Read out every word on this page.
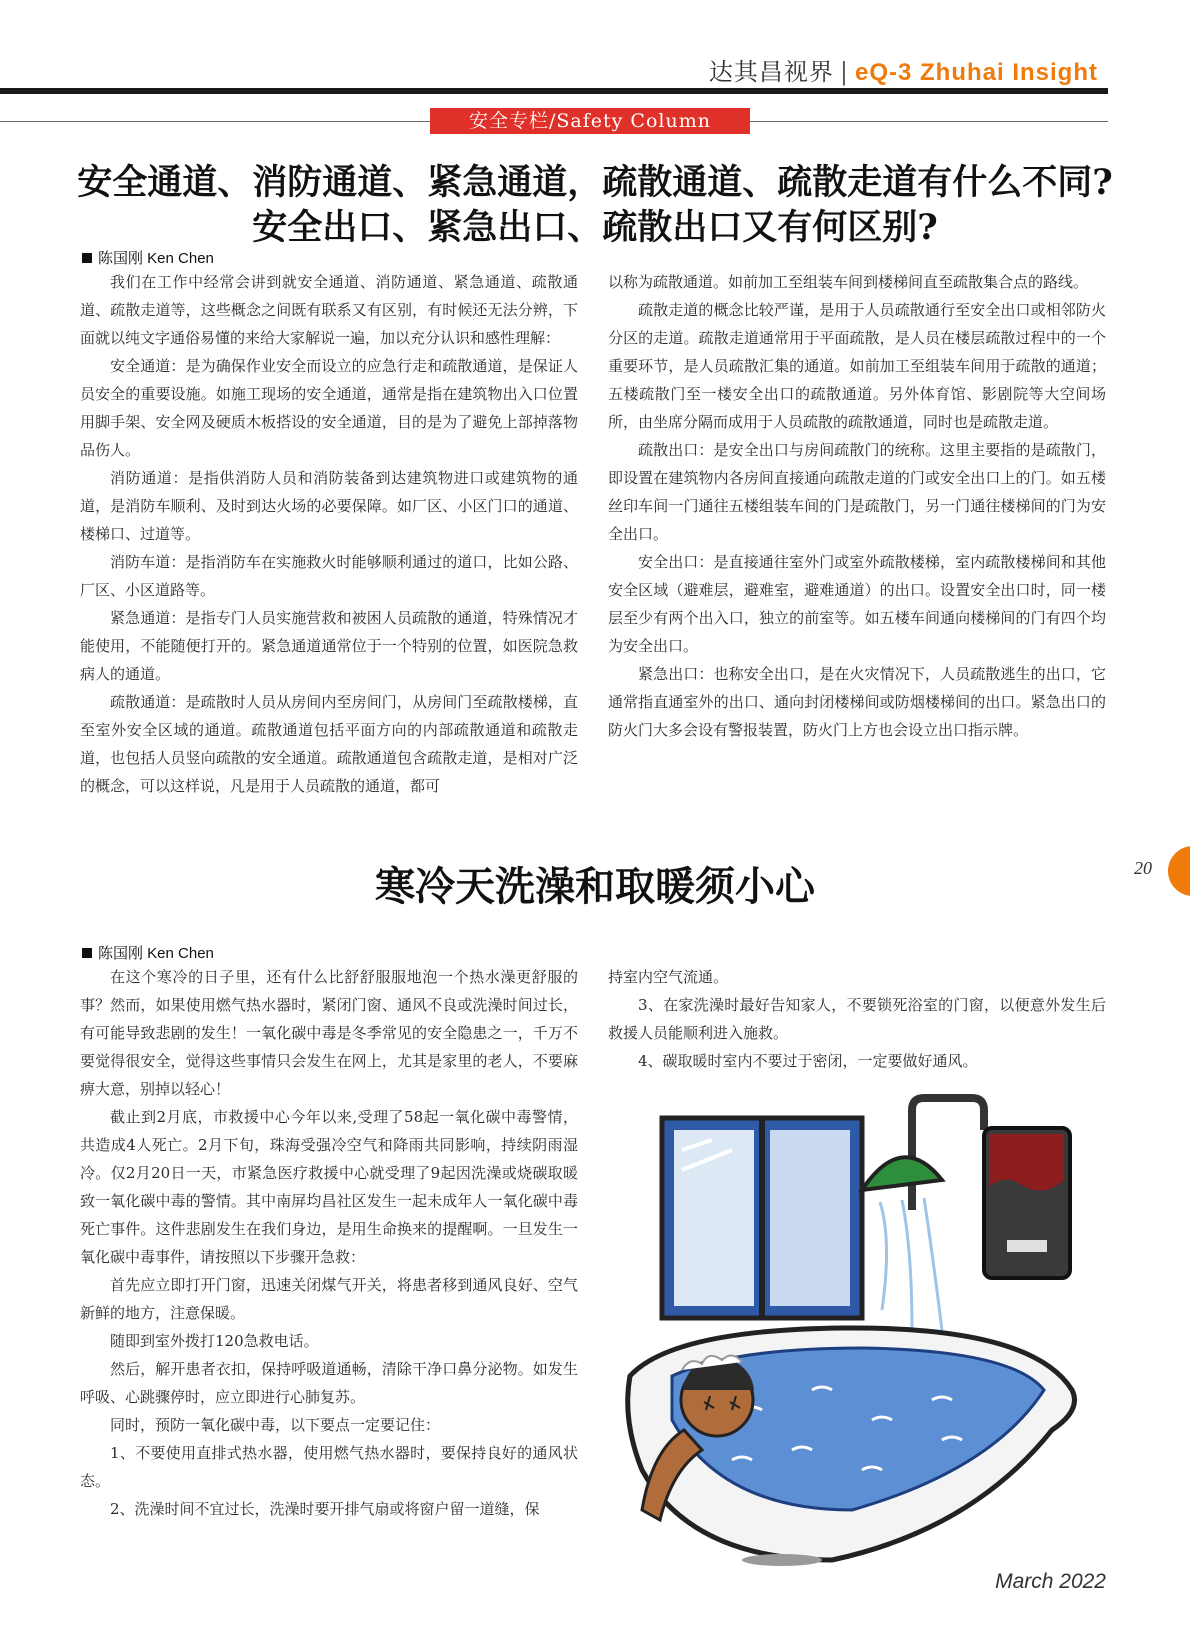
达其昌视界 | eQ-3 Zhuhai Insight
安全专栏/Safety Column
安全通道、消防通道、紧急通道，疏散通道、疏散走道有什么不同?
安全出口、紧急出口、疏散出口又有何区别?
陈国刚 Ken Chen

我们在工作中经常会讲到就安全通道、消防通道、紧急通道、疏散通道、疏散走道等，这些概念之间既有联系又有区别，有时候还无法分辨，下面就以纯文字通俗易懂的来给大家解说一遍，加以充分认识和感性理解：

安全通道：是为确保作业安全而设立的应急行走和疏散通道，是保证人员安全的重要设施。如施工现场的安全通道，通常是指在建筑物出入口位置用脚手架、安全网及硬质木板搭设的安全通道，目的是为了避免上部掉落物品伤人。

消防通道：是指供消防人员和消防装备到达建筑物进口或建筑物的通道，是消防车顺利、及时到达火场的必要保障。如厂区、小区门口的通道、楼梯口、过道等。

消防车道：是指消防车在实施救火时能够顺利通过的道口，比如公路、厂区、小区道路等。

紧急通道：是指专门人员实施营救和被困人员疏散的通道，特殊情况才能使用，不能随便打开的。紧急通道通常位于一个特别的位置，如医院急救病人的通道。

疏散通道：是疏散时人员从房间内至房间门，从房间门至疏散楼梯，直至室外安全区域的通道。疏散通道包括平面方向的内部疏散通道和疏散走道，也包括人员竖向疏散的安全通道。疏散通道包含疏散走道，是相对广泛的概念，可以这样说，凡是用于人员疏散的通道，都可

以称为疏散通道。如前加工至组装车间到楼梯间直至疏散集合点的路线。

疏散走道的概念比较严谨，是用于人员疏散通行至安全出口或相邻防火分区的走道。疏散走道通常用于平面疏散，是人员在楼层疏散过程中的一个重要环节，是人员疏散汇集的通道。如前加工至组装车间用于疏散的通道；五楼疏散门至一楼安全出口的疏散通道。另外体育馆、影剧院等大空间场所，由坐席分隔而成用于人员疏散的疏散通道，同时也是疏散走道。

疏散出口：是安全出口与房间疏散门的统称。这里主要指的是疏散门，即设置在建筑物内各房间直接通向疏散走道的门或安全出口上的门。如五楼丝印车间一门通往五楼组装车间的门是疏散门，另一门通往楼梯间的门为安全出口。

安全出口：是直接通往室外门或室外疏散楼梯，室内疏散楼梯间和其他安全区域（避难层，避难室，避难通道）的出口。设置安全出口时，同一楼层至少有两个出入口，独立的前室等。如五楼车间通向楼梯间的门有四个均为安全出口。

紧急出口：也称安全出口，是在火灾情况下，人员疏散逃生的出口，它通常指直通室外的出口、通向封闭楼梯间或防烟楼梯间的出口。紧急出口的防火门大多会设有警报装置，防火门上方也会设立出口指示牌。

20
寒冷天洗澡和取暖须小心
陈国刚 Ken Chen

在这个寒冷的日子里，还有什么比舒舒服服地泡一个热水澡更舒服的事？然而，如果使用燃气热水器时，紧闭门窗、通风不良或洗澡时间过长，有可能导致悲剧的发生！一氧化碳中毒是冬季常见的安全隐患之一，千万不要觉得很安全，觉得这些事情只会发生在网上，尤其是家里的老人，不要麻痹大意，别掉以轻心！

截止到2月底，市救援中心今年以来,受理了58起一氧化碳中毒警情，共造成4人死亡。2月下旬，珠海受强冷空气和降雨共同影响，持续阴雨湿冷。仅2月20日一天，市紧急医疗救援中心就受理了9起因洗澡或烧碳取暖致一氧化碳中毒的警情。其中南屏均昌社区发生一起未成年人一氧化碳中毒死亡事件。这件悲剧发生在我们身边，是用生命换来的提醒啊。一旦发生一氧化碳中毒事件，请按照以下步骤开急救：

首先应立即打开门窗，迅速关闭煤气开关，将患者移到通风良好、空气新鲜的地方，注意保暖。

随即到室外拨打120急救电话。

然后，解开患者衣扣，保持呼吸道通畅，清除干净口鼻分泌物。如发生呼吸、心跳骤停时，应立即进行心肺复苏。

同时，预防一氧化碳中毒，以下要点一定要记住：

1、不要使用直排式热水器，使用燃气热水器时，要保持良好的通风状态。

2、洗澡时间不宜过长，洗澡时要开排气扇或将窗户留一道缝，保

持室内空气流通。

3、在家洗澡时最好告知家人，不要锁死浴室的门窗，以便意外发生后救援人员能顺利进入施救。

4、碳取暖时室内不要过于密闭，一定要做好通风。

March 2022
